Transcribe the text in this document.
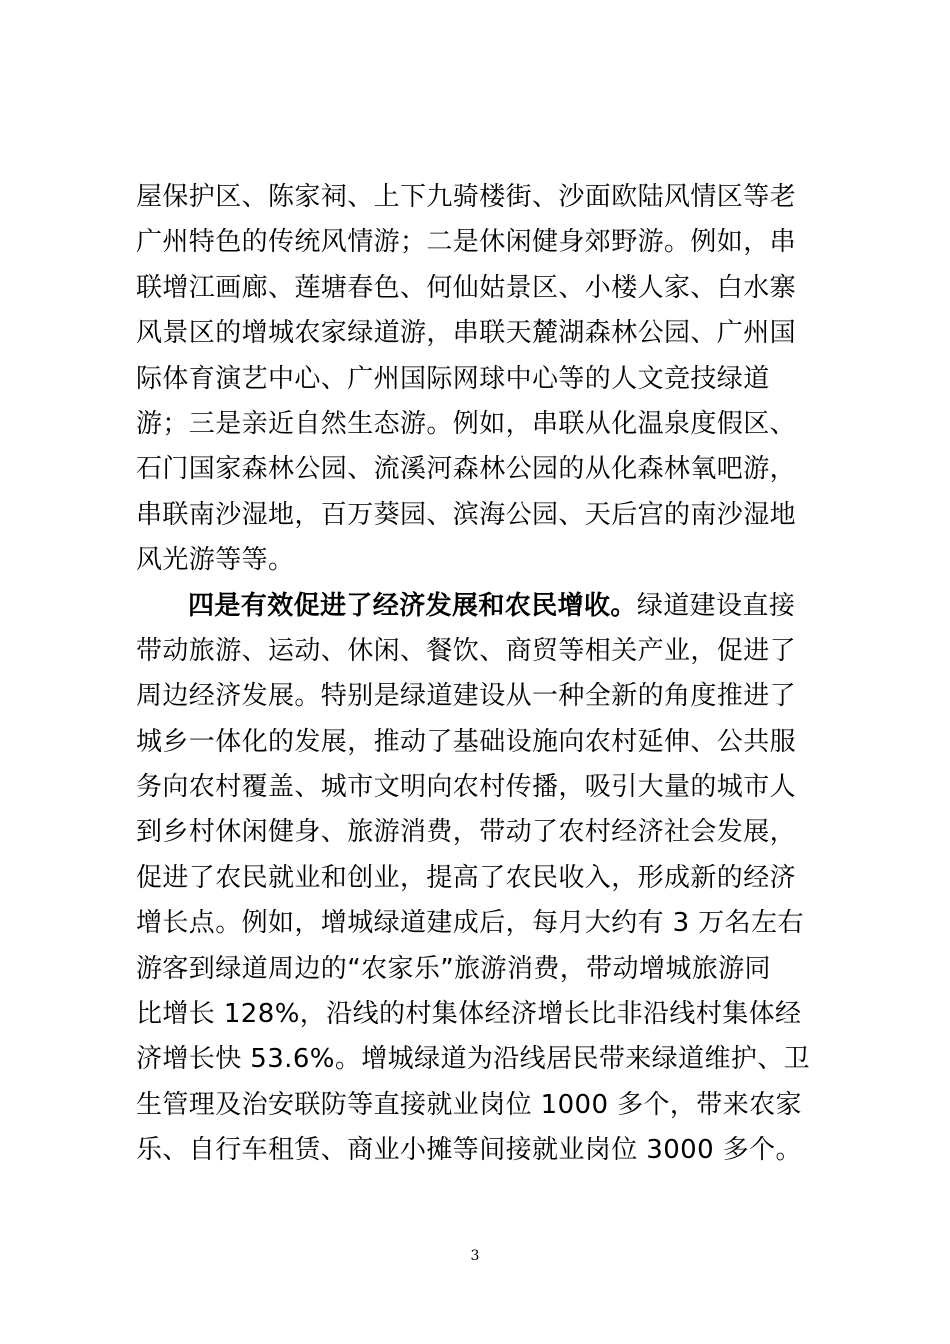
屋保护区、陈家祠、上下九骑楼街、沙面欧陆风情区等老
广州特色的传统风情游；二是休闲健身郊野游。例如，串
联增江画廊、莲塘春色、何仙姑景区、小楼人家、白水寨
风景区的增城农家绿道游，串联天麓湖森林公园、广州国
际体育演艺中心、广州国际网球中心等的人文竞技绿道
游；三是亲近自然生态游。例如，串联从化温泉度假区、
石门国家森林公园、流溪河森林公园的从化森林氧吧游，
串联南沙湿地，百万葵园、滨海公园、天后宫的南沙湿地
风光游等等。
四是有效促进了经济发展和农民增收。绿道建设直接
带动旅游、运动、休闲、餐饮、商贸等相关产业，促进了
周边经济发展。特别是绿道建设从一种全新的角度推进了
城乡一体化的发展，推动了基础设施向农村延伸、公共服
务向农村覆盖、城市文明向农村传播，吸引大量的城市人
到乡村休闲健身、旅游消费，带动了农村经济社会发展，
促进了农民就业和创业，提高了农民收入，形成新的经济
增长点。例如，增城绿道建成后，每月大约有 3 万名左右
游客到绿道周边的“农家乐”旅游消费，带动增城旅游同
比增长 128%，沿线的村集体经济增长比非沿线村集体经
济增长快 53.6%。增城绿道为沿线居民带来绿道维护、卫
生管理及治安联防等直接就业岗位 1000 多个，带来农家
乐、自行车租赁、商业小摊等间接就业岗位 3000 多个。
3
